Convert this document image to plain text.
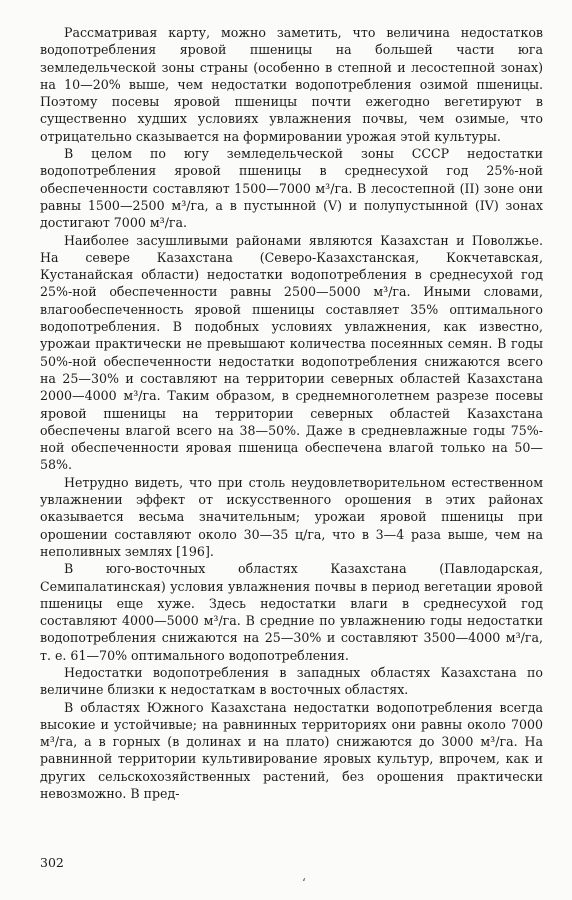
Рассматривая карту, можно заметить, что величина недостатков водопотребления яровой пшеницы на большей части юга земледельческой зоны страны (особенно в степной и лесостепной зонах) на 10—20% выше, чем недостатки водопотребления озимой пшеницы. Поэтому посевы яровой пшеницы почти ежегодно вегетируют в существенно худших условиях увлажнения почвы, чем озимые, что отрицательно сказывается на формировании урожая этой культуры.

В целом по югу земледельческой зоны СССР недостатки водопотребления яровой пшеницы в среднесухой год 25%-ной обеспеченности составляют 1500—7000 м³/га. В лесостепной (II) зоне они равны 1500—2500 м³/га, а в пустынной (V) и полупустынной (IV) зонах достигают 7000 м³/га.

Наиболее засушливыми районами являются Казахстан и Поволжье. На севере Казахстана (Северо-Казахстанская, Кокчетавская, Кустанайская области) недостатки водопотребления в среднесухой год 25%-ной обеспеченности равны 2500—5000 м³/га. Иными словами, влагообеспеченность яровой пшеницы составляет 35% оптимального водопотребления. В подобных условиях увлажнения, как известно, урожаи практически не превышают количества посеянных семян. В годы 50%-ной обеспеченности недостатки водопотребления снижаются всего на 25—30% и составляют на территории северных областей Казахстана 2000—4000 м³/га. Таким образом, в среднемноголетнем разрезе посевы яровой пшеницы на территории северных областей Казахстана обеспечены влагой всего на 38—50%. Даже в средневлажные годы 75%-ной обеспеченности яровая пшеница обеспечена влагой только на 50—58%.

Нетрудно видеть, что при столь неудовлетворительном естественном увлажнении эффект от искусственного орошения в этих районах оказывается весьма значительным; урожаи яровой пшеницы при орошении составляют около 30—35 ц/га, что в 3—4 раза выше, чем на неполивных землях [196].

В юго-восточных областях Казахстана (Павлодарская, Семипалатинская) условия увлажнения почвы в период вегетации яровой пшеницы еще хуже. Здесь недостатки влаги в среднесухой год составляют 4000—5000 м³/га. В средние по увлажнению годы недостатки водопотребления снижаются на 25—30% и составляют 3500—4000 м³/га, т. е. 61—70% оптимального водопотребления.

Недостатки водопотребления в западных областях Казахстана по величине близки к недостаткам в восточных областях.

В областях Южного Казахстана недостатки водопотребления всегда высокие и устойчивые; на равнинных территориях они равны около 7000 м³/га, а в горных (в долинах и на плато) снижаются до 3000 м³/га. На равнинной территории культивирование яровых культур, впрочем, как и других сельскохозяйственных растений, без орошения практически невозможно. В пред-

302
‘
